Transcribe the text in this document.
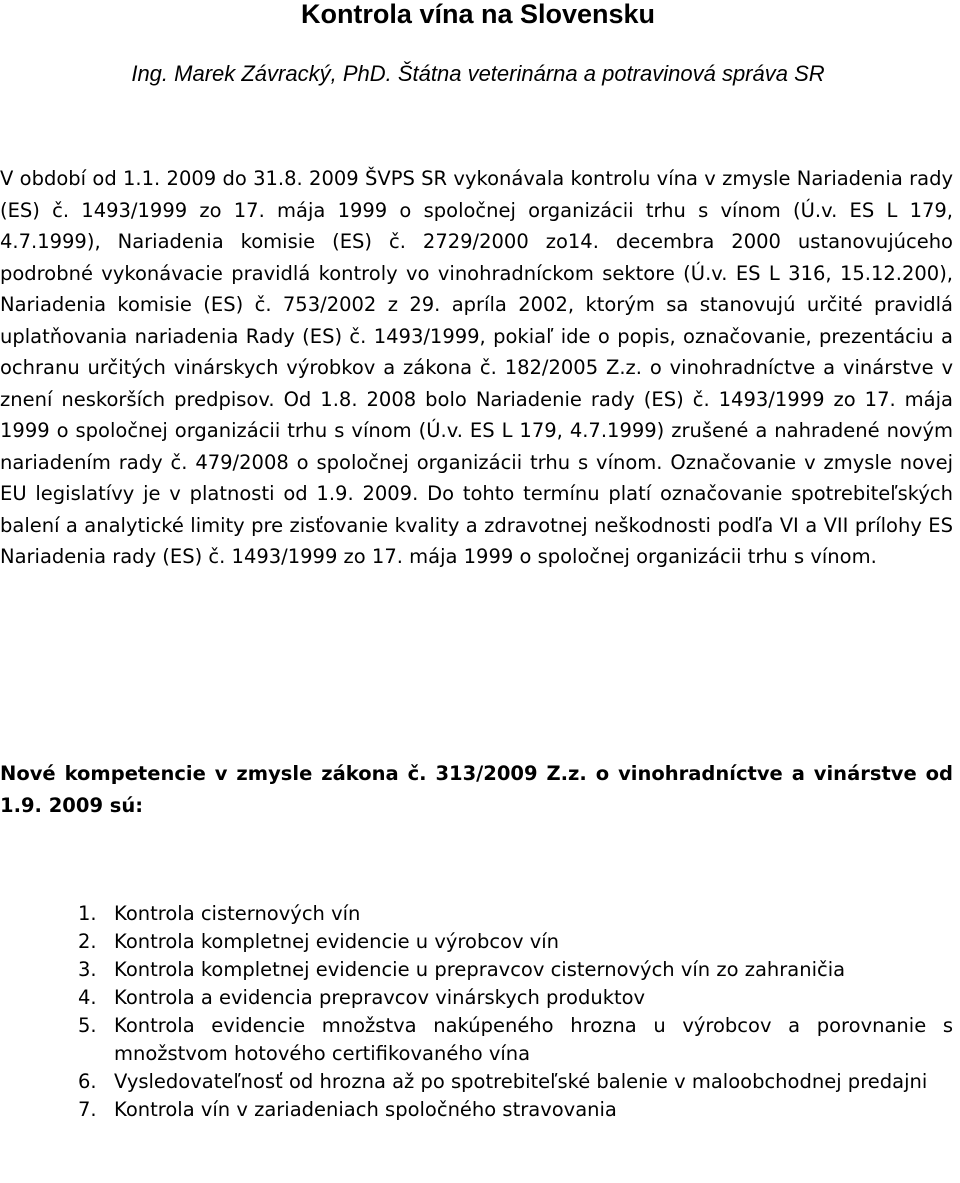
Kontrola vína na Slovensku

Ing. Marek Závracký, PhD. Štátna veterinárna a potravinová správa SR

V období od 1.1. 2009 do 31.8. 2009 ŠVPS SR vykonávala kontrolu vína v zmysle Nariadenia rady (ES) č. 1493/1999 zo 17. mája 1999 o spoločnej organizácii trhu s vínom (Ú.v. ES L 179, 4.7.1999), Nariadenia komisie (ES) č. 2729/2000 zo14. decembra 2000 ustanovujúceho podrobné vykonávacie pravidlá kontroly vo vinohradníckom sektore (Ú.v. ES L 316, 15.12.200), Nariadenia komisie (ES) č. 753/2002 z 29. apríla 2002, ktorým sa stanovujú určité pravidlá uplatňovania nariadenia Rady (ES) č. 1493/1999, pokiaľ ide o popis, označovanie, prezentáciu a ochranu určitých vinárskych výrobkov a zákona č. 182/2005 Z.z. o vinohradníctve a vinárstve v znení neskorších predpisov. Od 1.8. 2008 bolo Nariadenie rady (ES) č. 1493/1999 zo 17. mája 1999 o spoločnej organizácii trhu s vínom (Ú.v. ES L 179, 4.7.1999) zrušené a nahradené novým nariadením rady č. 479/2008 o spoločnej organizácii trhu s vínom. Označovanie v zmysle novej EU legislatívy je v platnosti od 1.9. 2009. Do tohto termínu platí označovanie spotrebiteľských balení a analytické limity pre zisťovanie kvality a zdravotnej neškodnosti podľa VI a VII prílohy ES Nariadenia rady (ES) č. 1493/1999 zo 17. mája 1999 o spoločnej organizácii trhu s vínom.

Nové kompetencie v zmysle zákona č. 313/2009 Z.z. o vinohradníctve a vinárstve od 1.9. 2009 sú:

1. Kontrola cisternových vín
2. Kontrola kompletnej evidencie u výrobcov vín
3. Kontrola kompletnej evidencie u prepravcov cisternových vín zo zahraničia
4. Kontrola a evidencia prepravcov vinárskych produktov
5. Kontrola evidencie množstva nakúpeného hrozna u výrobcov a porovnanie s množstvom hotového certifikovaného vína
6. Vysledovateľnosť od hrozna až po spotrebiteľské balenie v maloobchodnej predajni
7. Kontrola vín v zariadeniach spoločného stravovania
